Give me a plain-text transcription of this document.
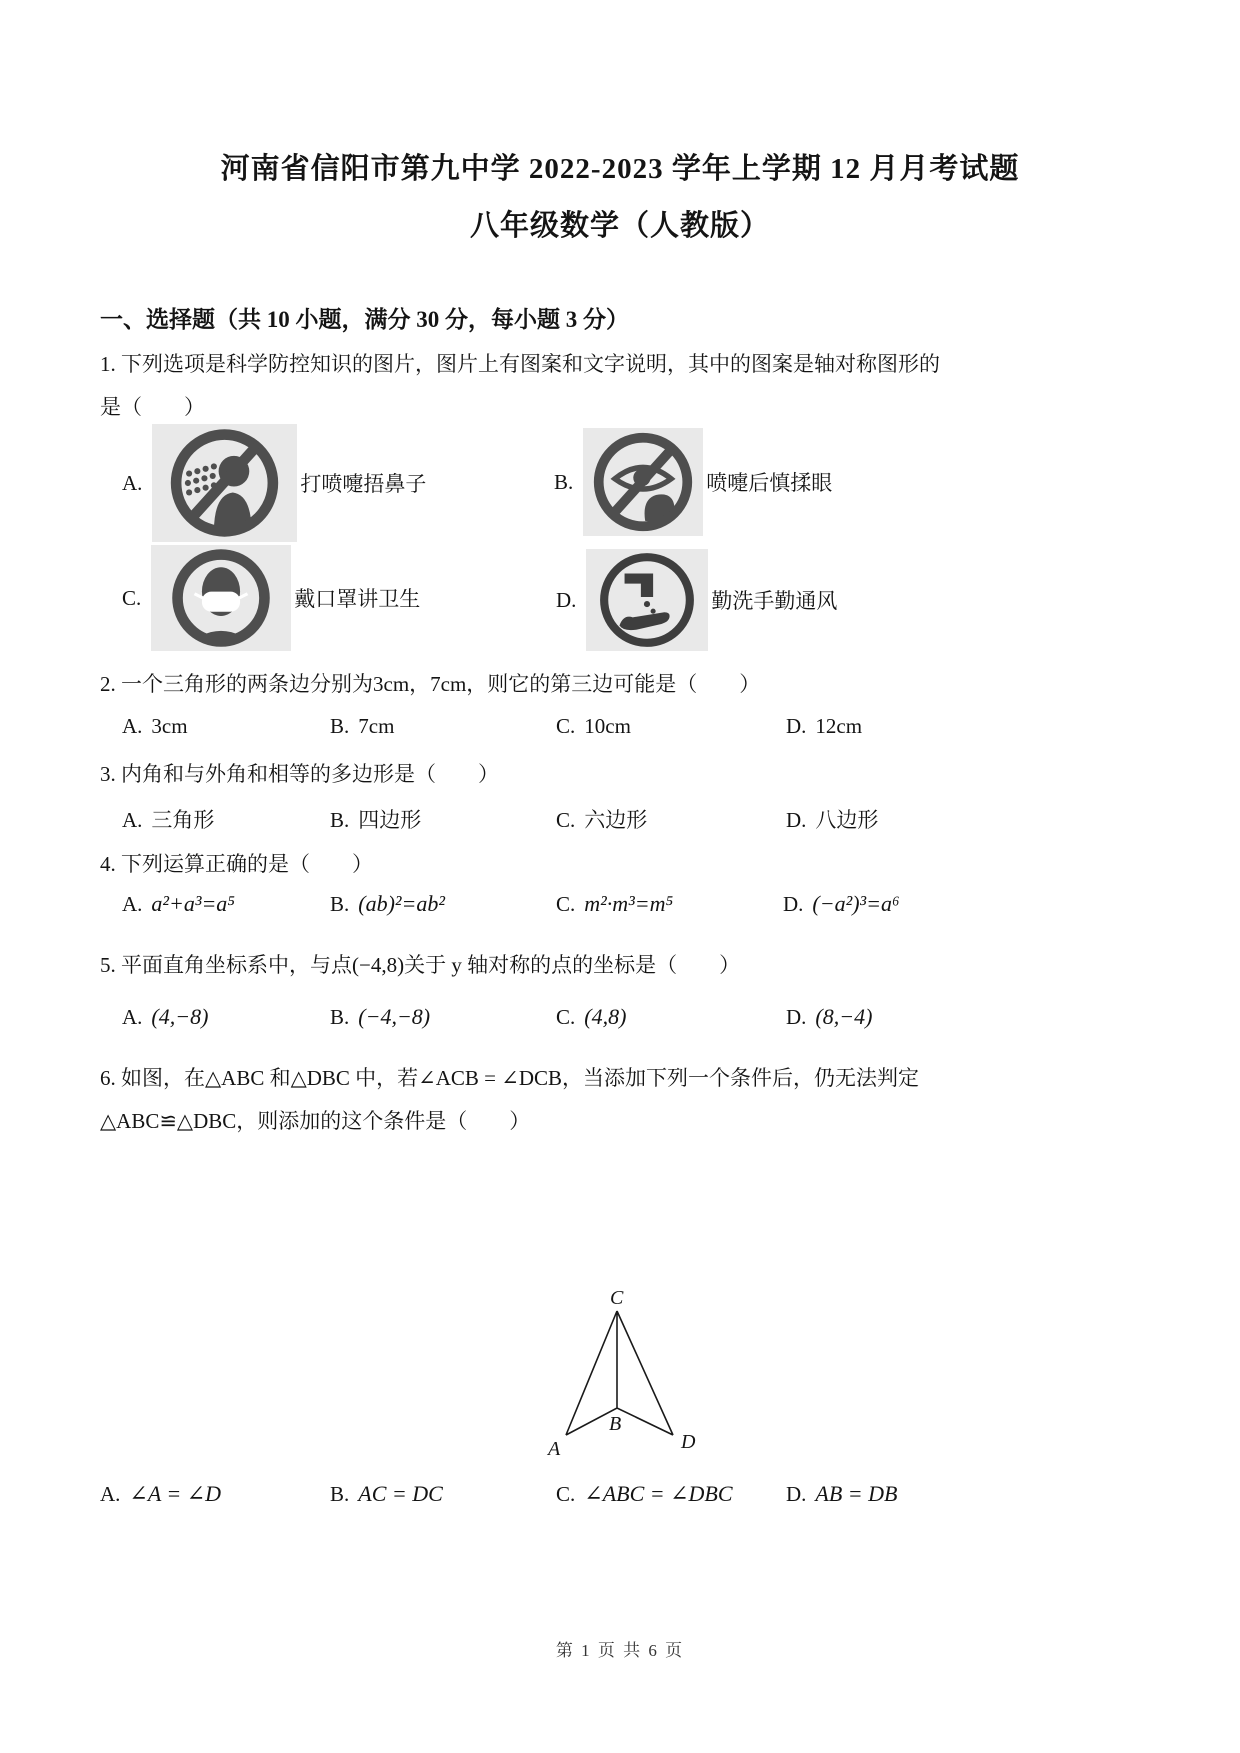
河南省信阳市第九中学 2022-2023 学年上学期 12 月月考试题
八年级数学（人教版）
一、选择题（共 10 小题，满分 30 分，每小题 3 分）

1. 下列选项是科学防控知识的图片，图片上有图案和文字说明，其中的图案是轴对称图形的

是（　　）

A.	打喷嚏捂鼻子	B.	喷嚏后慎揉眼
C.	戴口罩讲卫生	D.	勤洗手勤通风

2. 一个三角形的两条边分别为3cm，7cm，则它的第三边可能是（　　）

A. 3cm	B. 7cm	C. 10cm	D. 12cm

3. 内角和与外角和相等的多边形是（　　）

A. 三角形	B. 四边形	C. 六边形	D. 八边形

4. 下列运算正确的是（　　）

A. a²+a³=a⁵	B. (ab)²=ab²	C. m²·m³=m⁵	D. (−a²)³=a⁶

5. 平面直角坐标系中，与点(−4,8)关于 y 轴对称的点的坐标是（　　）

A. (4,−8)	B. (−4,−8)	C. (4,8)	D. (8,−4)

6. 如图，在△ABC 和△DBC 中，若∠ACB = ∠DCB，当添加下列一个条件后，仍无法判定

△ABC≌△DBC，则添加的这个条件是（　　）

C
A
B
D
A. ∠A = ∠D	B. AC = DC	C. ∠ABC = ∠DBC	D. AB = DB
第 1 页 共 6 页
